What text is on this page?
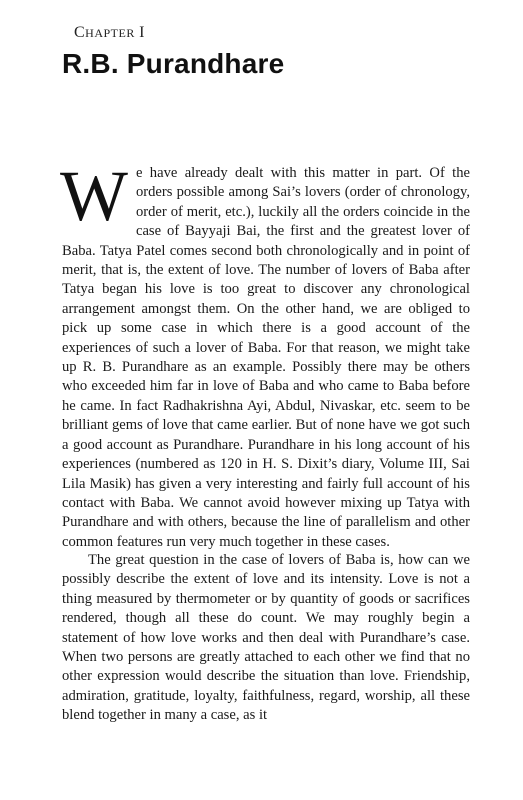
CHAPTER I
R.B. Purandhare
W e have already dealt with this matter in part. Of the orders possible among Sai’s lovers (order of chronology, order of merit, etc.), luckily all the orders coincide in the case of Bayyaji Bai, the first and the greatest lover of Baba. Tatya Patel comes second both chronologically and in point of merit, that is, the extent of love. The number of lovers of Baba after Tatya began his love is too great to discover any chronological arrangement amongst them. On the other hand, we are obliged to pick up some case in which there is a good account of the experiences of such a lover of Baba. For that reason, we might take up R. B. Purandhare as an example. Possibly there may be others who exceeded him far in love of Baba and who came to Baba before he came. In fact Radhakrishna Ayi, Abdul, Nivaskar, etc. seem to be brilliant gems of love that came earlier. But of none have we got such a good account as Purandhare. Purandhare in his long account of his experiences (numbered as 120 in H. S. Dixit’s diary, Volume III, Sai Lila Masik) has given a very interesting and fairly full account of his contact with Baba. We cannot avoid however mixing up Tatya with Purandhare and with others, because the line of parallelism and other common features run very much together in these cases.

The great question in the case of lovers of Baba is, how can we possibly describe the extent of love and its intensity. Love is not a thing measured by thermometer or by quantity of goods or sacrifices rendered, though all these do count. We may roughly begin a statement of how love works and then deal with Purandhare’s case. When two persons are greatly attached to each other we find that no other expression would describe the situation than love. Friendship, admiration, gratitude, loyalty, faithfulness, regard, worship, all these blend together in many a case, as it
